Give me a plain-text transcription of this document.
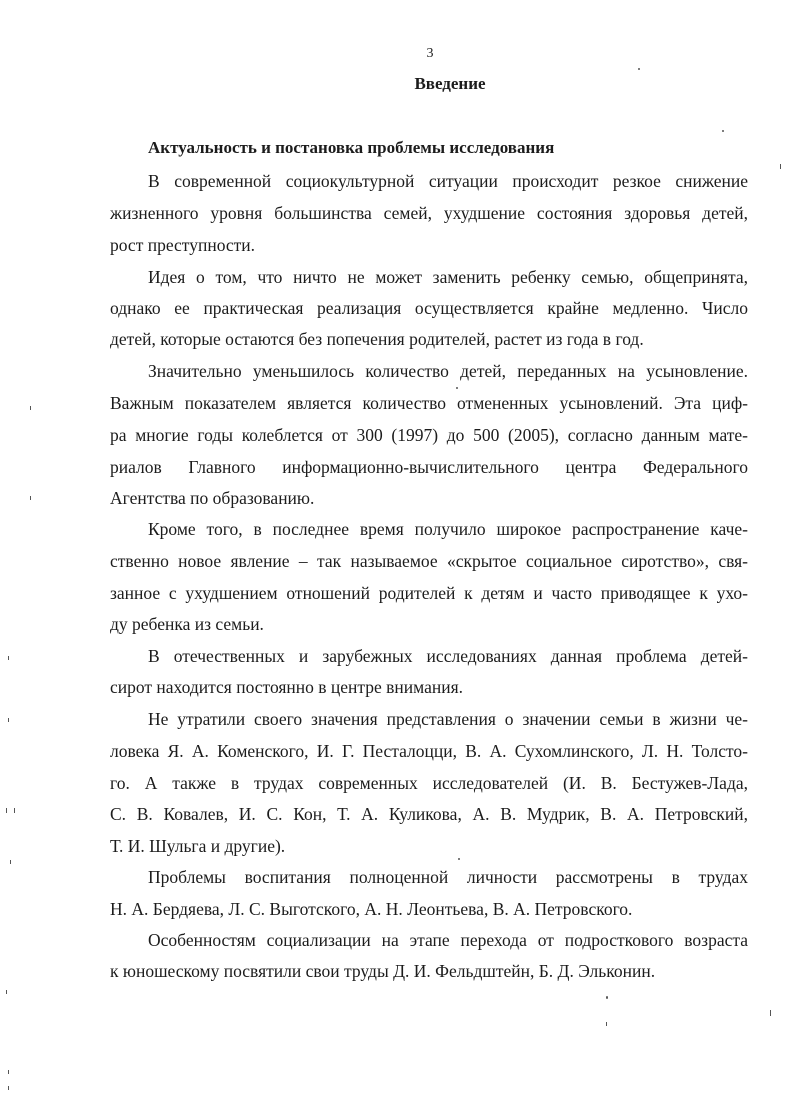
3
Введение
Актуальность и постановка проблемы исследования
В современной социокультурной ситуации происходит резкое снижение
жизненного уровня большинства семей, ухудшение состояния здоровья детей,
рост преступности.
Идея о том, что ничто не может заменить ребенку семью, общепринята,
однако ее практическая реализация осуществляется крайне медленно. Число
детей, которые остаются без попечения родителей, растет из года в год.
Значительно уменьшилось количество детей, переданных на усыновление.
Важным показателем является количество отмененных усыновлений. Эта циф-
ра многие годы колеблется от 300 (1997) до 500 (2005), согласно данным мате-
риалов Главного информационно-вычислительного центра Федерального
Агентства по образованию.
Кроме того, в последнее время получило широкое распространение каче-
ственно новое явление – так называемое «скрытое социальное сиротство», свя-
занное с ухудшением отношений родителей к детям и часто приводящее к ухо-
ду ребенка из семьи.
В отечественных и зарубежных исследованиях данная проблема детей-
сирот находится постоянно в центре внимания.
Не утратили своего значения представления о значении семьи в жизни че-
ловека Я. А. Коменского, И. Г. Песталоцци, В. А. Сухомлинского, Л. Н. Толсто-
го. А также в трудах современных исследователей (И. В. Бестужев-Лада,
С. В. Ковалев, И. С. Кон, Т. А. Куликова, А. В. Мудрик, В. А. Петровский,
Т. И. Шульга и другие).
Проблемы воспитания полноценной личности рассмотрены в трудах
Н. А. Бердяева, Л. С. Выготского, А. Н. Леонтьева, В. А. Петровского.
Особенностям социализации на этапе перехода от подросткового возраста
к юношескому посвятили свои труды Д. И. Фельдштейн, Б. Д. Эльконин.
